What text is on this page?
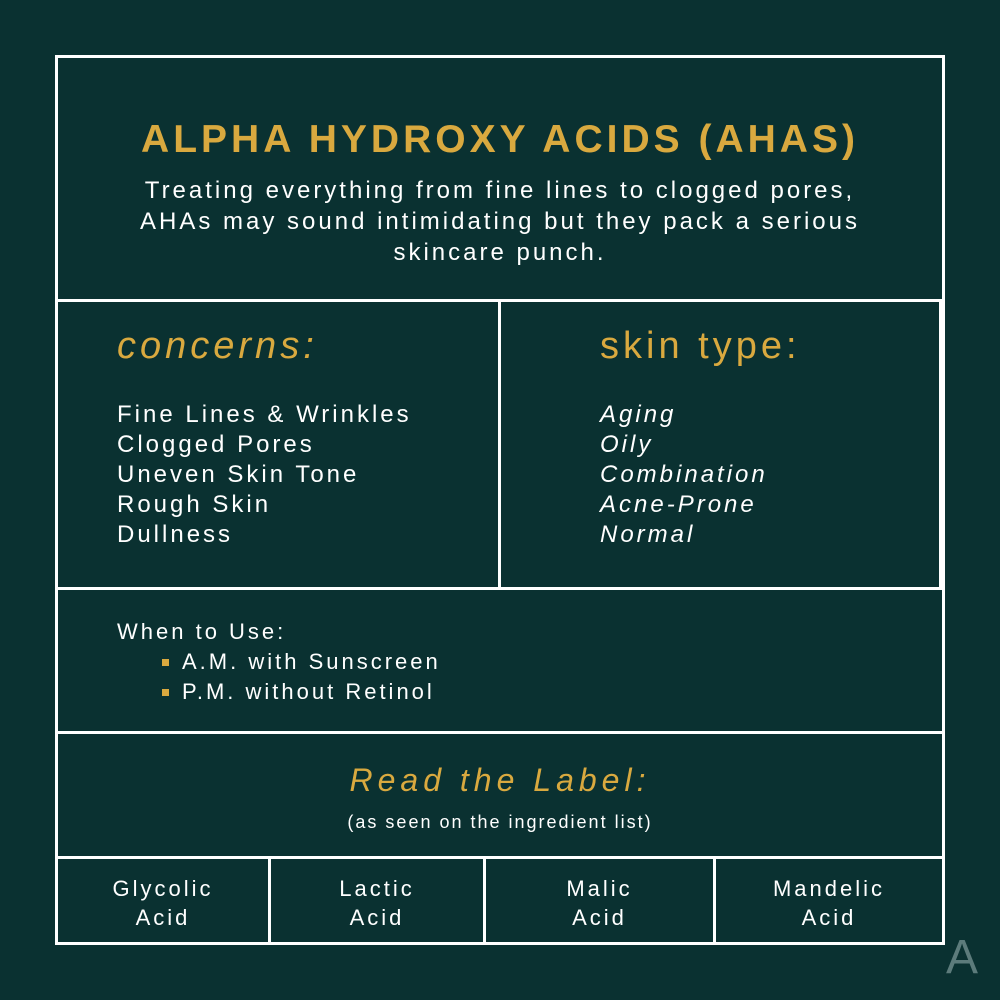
ALPHA HYDROXY ACIDS (AHAS)
Treating everything from fine lines to clogged pores, AHAs may sound intimidating but they pack a serious skincare punch.
concerns:
Fine Lines & Wrinkles
Clogged Pores
Uneven Skin Tone
Rough Skin
Dullness
skin type:
Aging
Oily
Combination
Acne-Prone
Normal
When to Use:
A.M. with Sunscreen
P.M. without Retinol
Read the Label:
(as seen on the ingredient list)
Glycolic
Acid
Lactic
Acid
Malic
Acid
Mandelic
Acid
A
